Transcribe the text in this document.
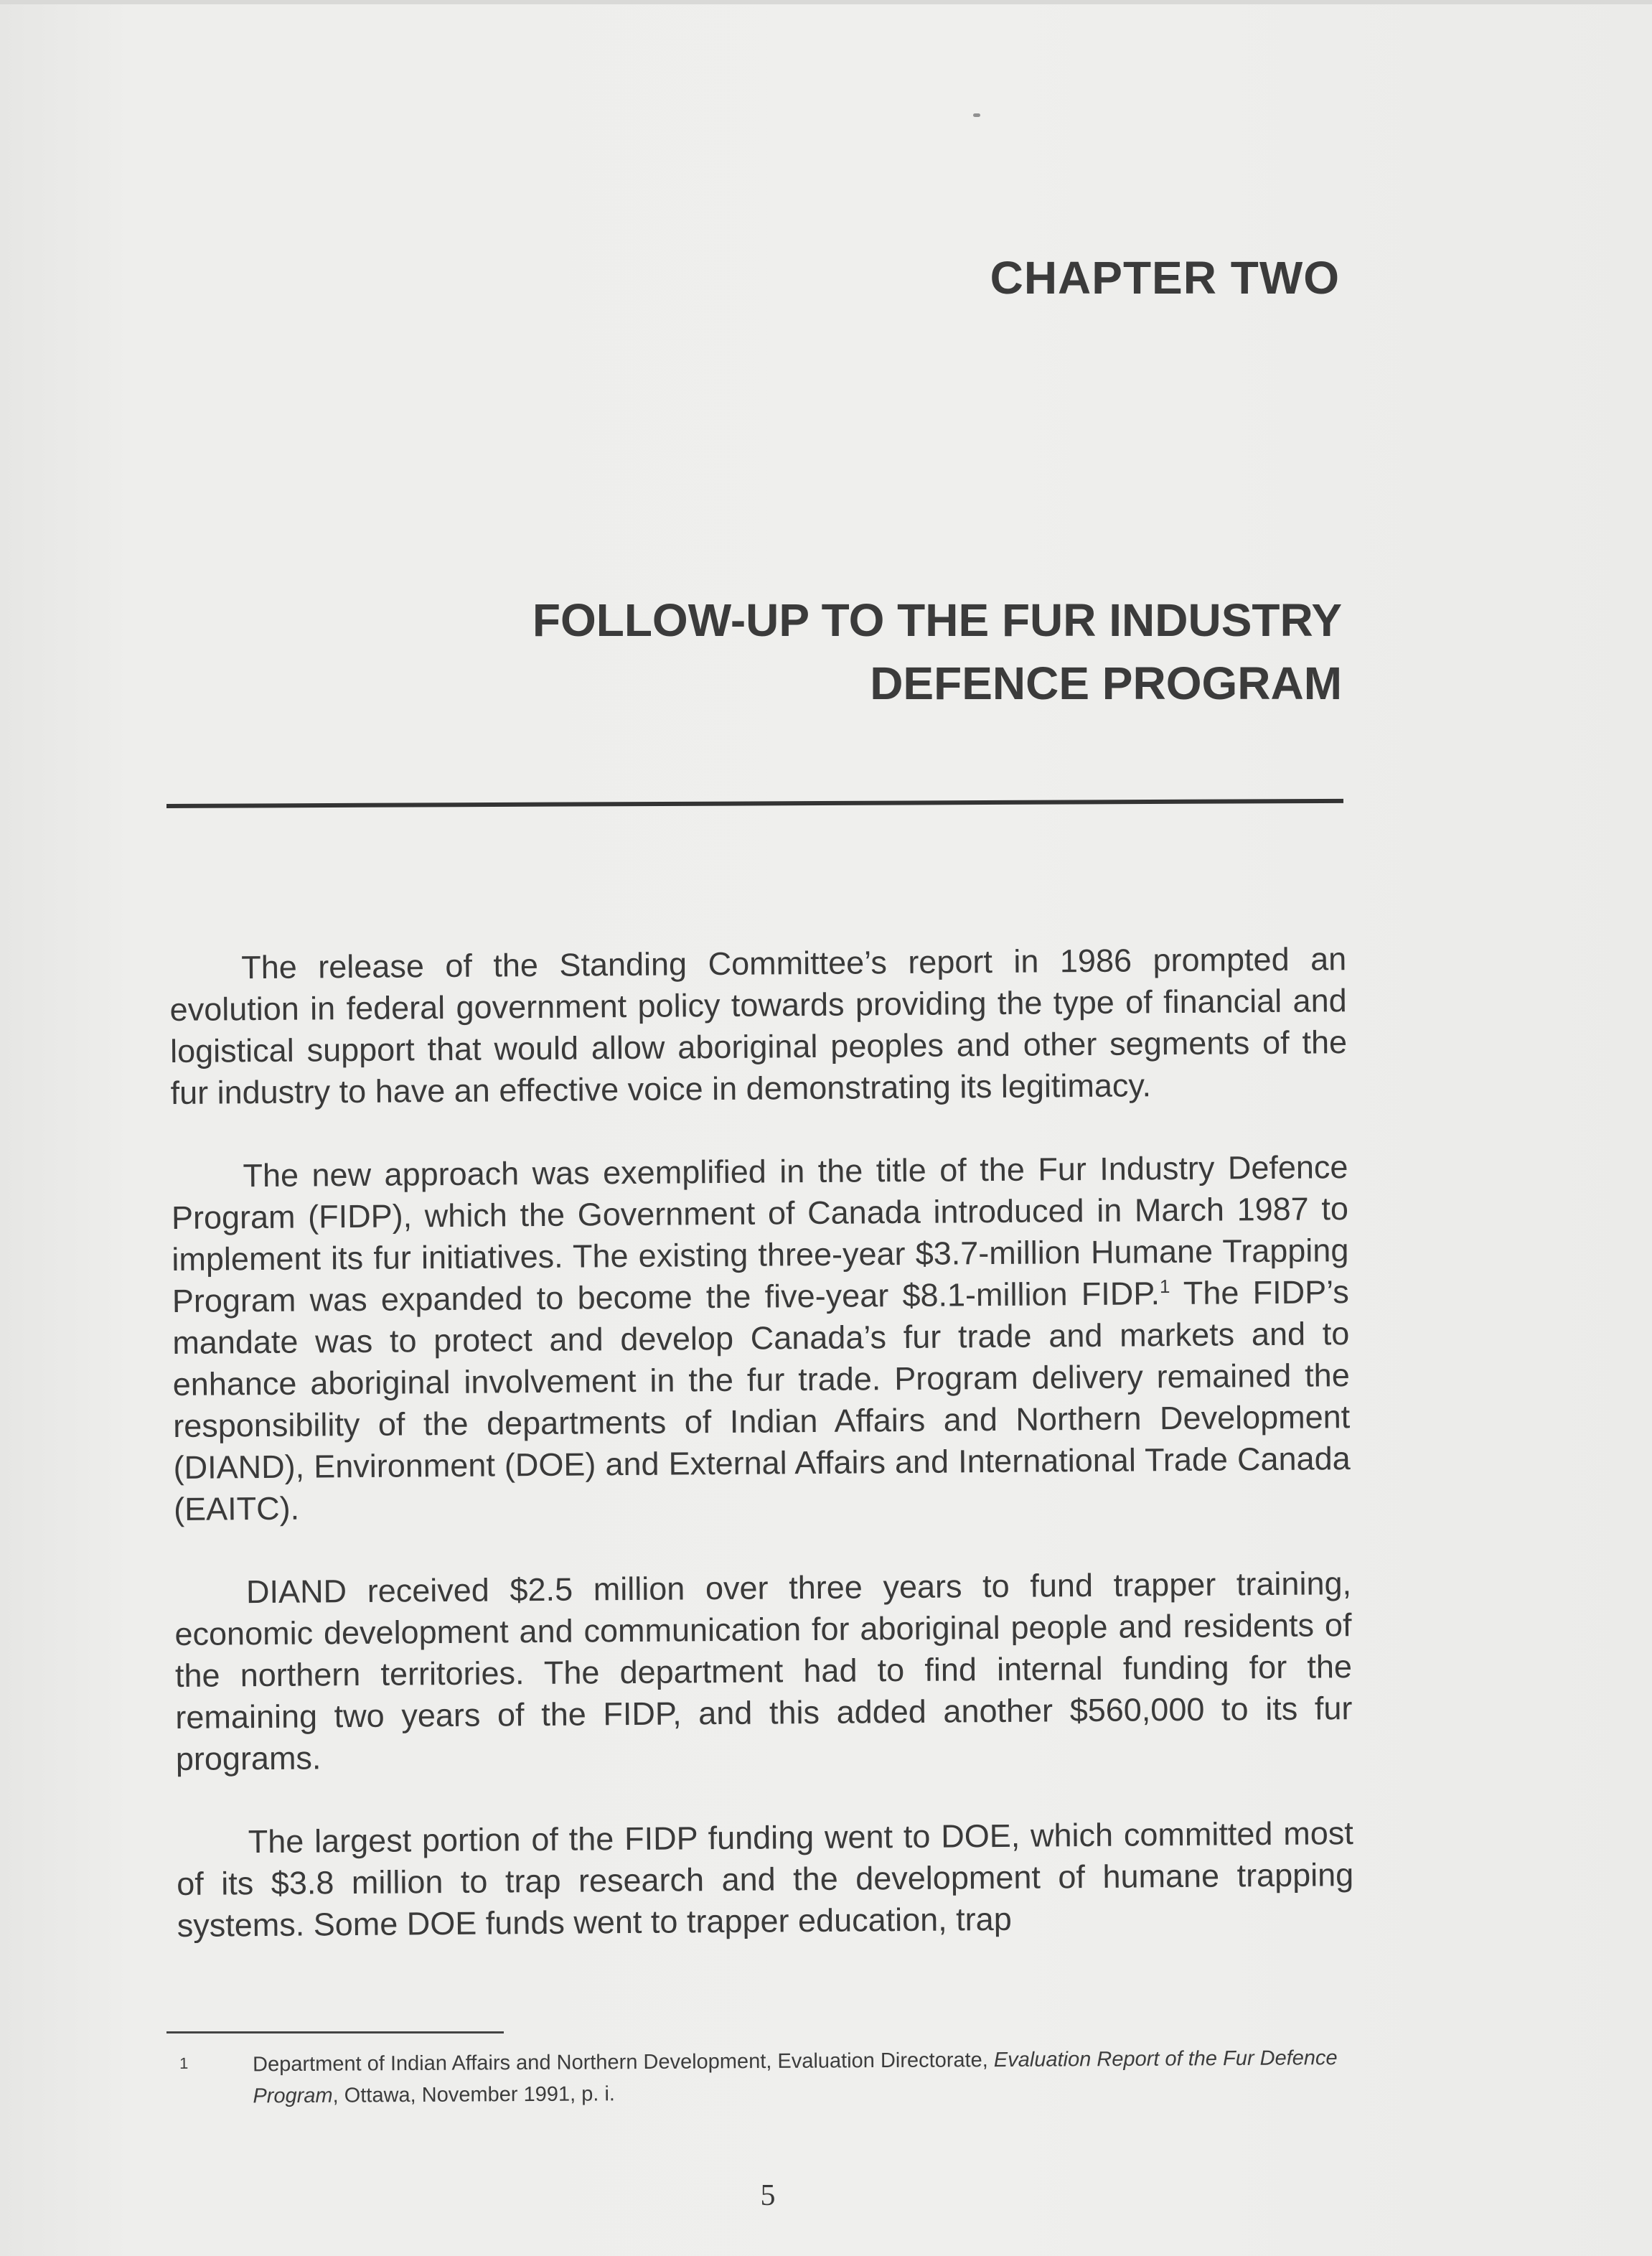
CHAPTER TWO
FOLLOW-UP TO THE FUR INDUSTRY
DEFENCE PROGRAM

The release of the Standing Committee’s report in 1986 prompted an evolution in federal government policy towards providing the type of financial and logistical support that would allow aboriginal peoples and other segments of the fur industry to have an effective voice in demonstrating its legitimacy.

The new approach was exemplified in the title of the Fur Industry Defence Program (FIDP), which the Government of Canada introduced in March 1987 to implement its fur initiatives. The existing three-year $3.7-million Humane Trapping Program was expanded to become the five-year $8.1-million FIDP.$^1$ The FIDP’s mandate was to protect and develop Canada’s fur trade and markets and to enhance aboriginal involvement in the fur trade. Program delivery remained the responsibility of the departments of Indian Affairs and Northern Development (DIAND), Environment (DOE) and External Affairs and International Trade Canada (EAITC).

DIAND received $2.5 million over three years to fund trapper training, economic development and communication for aboriginal people and residents of the northern territories. The department had to find internal funding for the remaining two years of the FIDP, and this added another $560,000 to its fur programs.

The largest portion of the FIDP funding went to DOE, which committed most of its $3.8 million to trap research and the development of humane trapping systems. Some DOE funds went to trapper education, trap

1	Department of Indian Affairs and Northern Development, Evaluation Directorate, Evaluation Report of the Fur Defence Program, Ottawa, November 1991, p. i.
5
